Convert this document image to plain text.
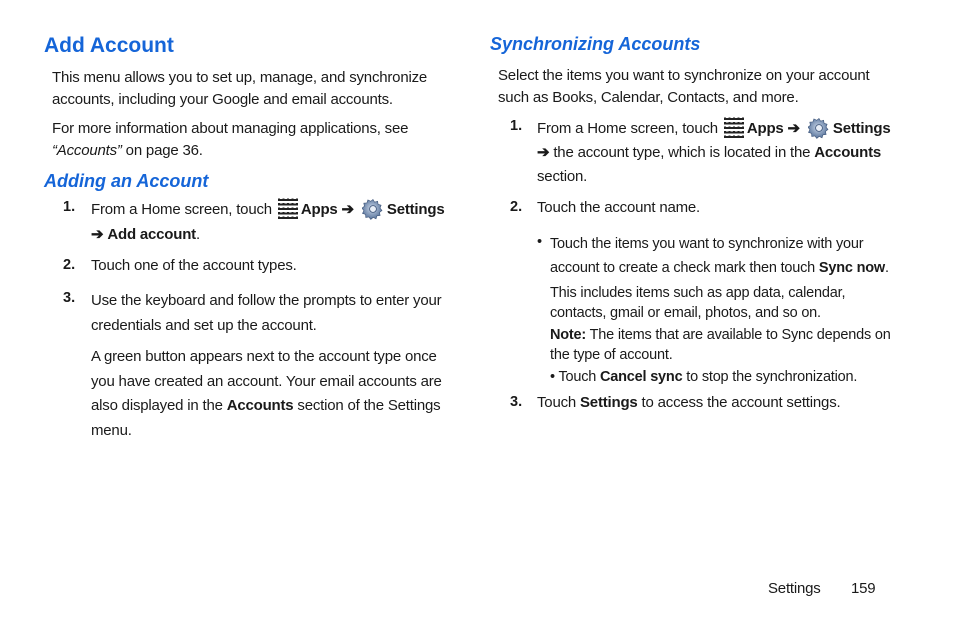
Add Account
This menu allows you to set up, manage, and synchronize accounts, including your Google and email accounts.
For more information about managing applications, see
“Accounts” on page 36.
Adding an Account
1. From a Home screen, touch Apps ➔ Settings
➔ Add account.
2. Touch one of the account types.
3. Use the keyboard and follow the prompts to enter your credentials and set up the account.
A green button appears next to the account type once you have created an account. Your email accounts are also displayed in the Accounts section of the Settings menu.
Synchronizing Accounts
Select the items you want to synchronize on your account such as Books, Calendar, Contacts, and more.
1. From a Home screen, touch Apps ➔ Settings
➔ the account type, which is located in the Accounts
section.
2. Touch the account name.
• Touch the items you want to synchronize with your account to create a check mark then touch Sync now.
This includes items such as app data, calendar, contacts, gmail or email, photos, and so on.
Note: The items that are available to Sync depends on the type of account.
• Touch Cancel sync to stop the synchronization.
3. Touch Settings to access the account settings.
Settings 159
